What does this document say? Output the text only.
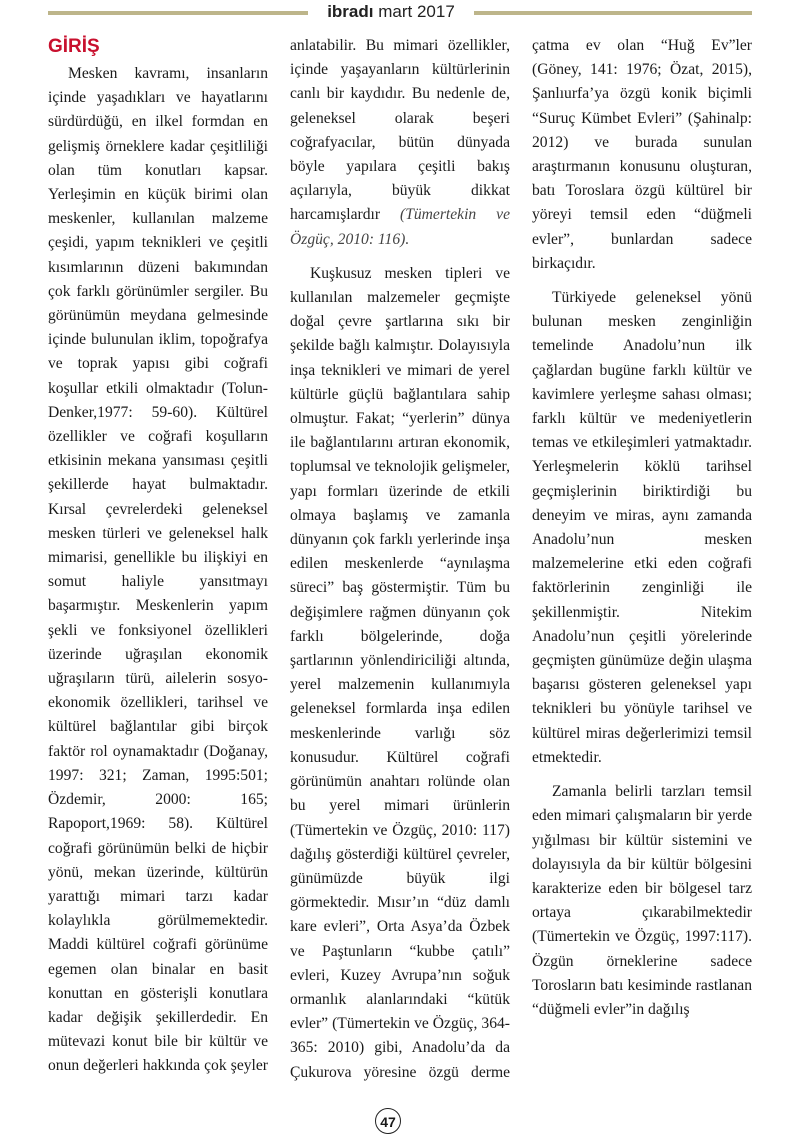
ibradı mart 2017
GİRİŞ

Mesken kavramı, insanların içinde yaşadıkları ve hayatlarını sürdürdüğü, en ilkel formdan en gelişmiş örneklere kadar çeşitliliği olan tüm konutları kapsar. Yerleşimin en küçük birimi olan meskenler, kullanılan malzeme çeşidi, yapım teknikleri ve çeşitli kısımlarının düzeni bakımından çok farklı görünümler sergiler. Bu görünümün meydana gelmesinde içinde bulunulan iklim, topoğrafya ve toprak yapısı gibi coğrafi koşullar etkili olmaktadır (Tolun-Denker,1977: 59-60). Kültürel özellikler ve coğrafi koşulların etkisinin mekana yansıması çeşitli şekillerde hayat bulmaktadır. Kırsal çevrelerdeki geleneksel mesken türleri ve geleneksel halk mimarisi, genellikle bu ilişkiyi en somut haliyle yansıtmayı başarmıştır. Meskenlerin yapım şekli ve fonksiyonel özellikleri üzerinde uğraşılan ekonomik uğraşıların türü, ailelerin sosyo-ekonomik özellikleri, tarihsel ve kültürel bağlantılar gibi birçok faktör rol oynamaktadır (Doğanay, 1997: 321; Zaman, 1995:501; Özdemir, 2000: 165; Rapoport,1969: 58). Kültürel coğrafi görünümün belki de hiçbir yönü, mekan üzerinde, kültürün yarattığı mimari tarzı kadar kolaylıkla görülmemektedir. Maddi kültürel coğrafi görünüme egemen olan binalar en basit konuttan en gösterişli konutlara kadar değişik şekillerdedir. En mütevazi konut bile bir kültür ve onun değerleri hakkında çok şeyler anlatabilir. Bu mimari özellikler, içinde yaşayanların kültürlerinin canlı bir kaydıdır. Bu nedenle de, geleneksel olarak beşeri coğrafyacılar, bütün dünyada böyle yapılara çeşitli bakış açılarıyla, büyük dikkat harcamışlardır (Tümertekin ve Özgüç, 2010: 116).

Kuşkusuz mesken tipleri ve kullanılan malzemeler geçmişte doğal çevre şartlarına sıkı bir şekilde bağlı kalmıştır. Dolayısıyla inşa teknikleri ve mimari de yerel kültürle güçlü bağlantılara sahip olmuştur. Fakat; “yerlerin” dünya ile bağlantılarını artıran ekonomik, toplumsal ve teknolojik gelişmeler, yapı formları üzerinde de etkili olmaya başlamış ve zamanla dünyanın çok farklı yerlerinde inşa edilen meskenlerde “aynılaşma süreci” baş göstermiştir. Tüm bu değişimlere rağmen dünyanın çok farklı bölgelerinde, doğa şartlarının yönlendiriciliği altında, yerel malzemenin kullanımıyla geleneksel formlarda inşa edilen meskenlerinde varlığı söz konusudur. Kültürel coğrafi görünümün anahtarı rolünde olan bu yerel mimari ürünlerin (Tümertekin ve Özgüç, 2010: 117) dağılış gösterdiği kültürel çevreler, günümüzde büyük ilgi görmektedir. Mısır’ın “düz damlı kare evleri”, Orta Asya’da Özbek ve Paştunların “kubbe çatılı” evleri, Kuzey Avrupa’nın soğuk ormanlık alanlarındaki “kütük evler” (Tümertekin ve Özgüç, 364-365: 2010) gibi, Anadolu’da da Çukurova yöresine özgü derme çatma ev olan “Huğ Ev”ler (Göney, 141: 1976; Özat, 2015), Şanlıurfa’ya özgü konik biçimli “Suruç Kümbet Evleri” (Şahinalp: 2012) ve burada sunulan araştırmanın konusunu oluşturan, batı Toroslara özgü kültürel bir yöreyi temsil eden “düğmeli evler”, bunlardan sadece birkaçıdır.

Türkiyede geleneksel yönü bulunan mesken zenginliğin temelinde Anadolu’nun ilk çağlardan bugüne farklı kültür ve kavimlere yerleşme sahası olması; farklı kültür ve medeniyetlerin temas ve etkileşimleri yatmaktadır. Yerleşmelerin köklü tarihsel geçmişlerinin biriktirdiği bu deneyim ve miras, aynı zamanda Anadolu’nun mesken malzemelerine etki eden coğrafi faktörlerinin zenginliği ile şekillenmiştir. Nitekim Anadolu’nun çeşitli yörelerinde geçmişten günümüze değin ulaşma başarısı gösteren geleneksel yapı teknikleri bu yönüyle tarihsel ve kültürel miras değerlerimizi temsil etmektedir.

Zamanla belirli tarzları temsil eden mimari çalışmaların bir yerde yığılması bir kültür sistemini ve dolayısıyla da bir kültür bölgesini karakterize eden bir bölgesel tarz ortaya çıkarabilmektedir (Tümertekin ve Özgüç, 1997:117). Özgün örneklerine sadece Torosların batı kesiminde rastlanan “düğmeli evler”in dağılış

47
